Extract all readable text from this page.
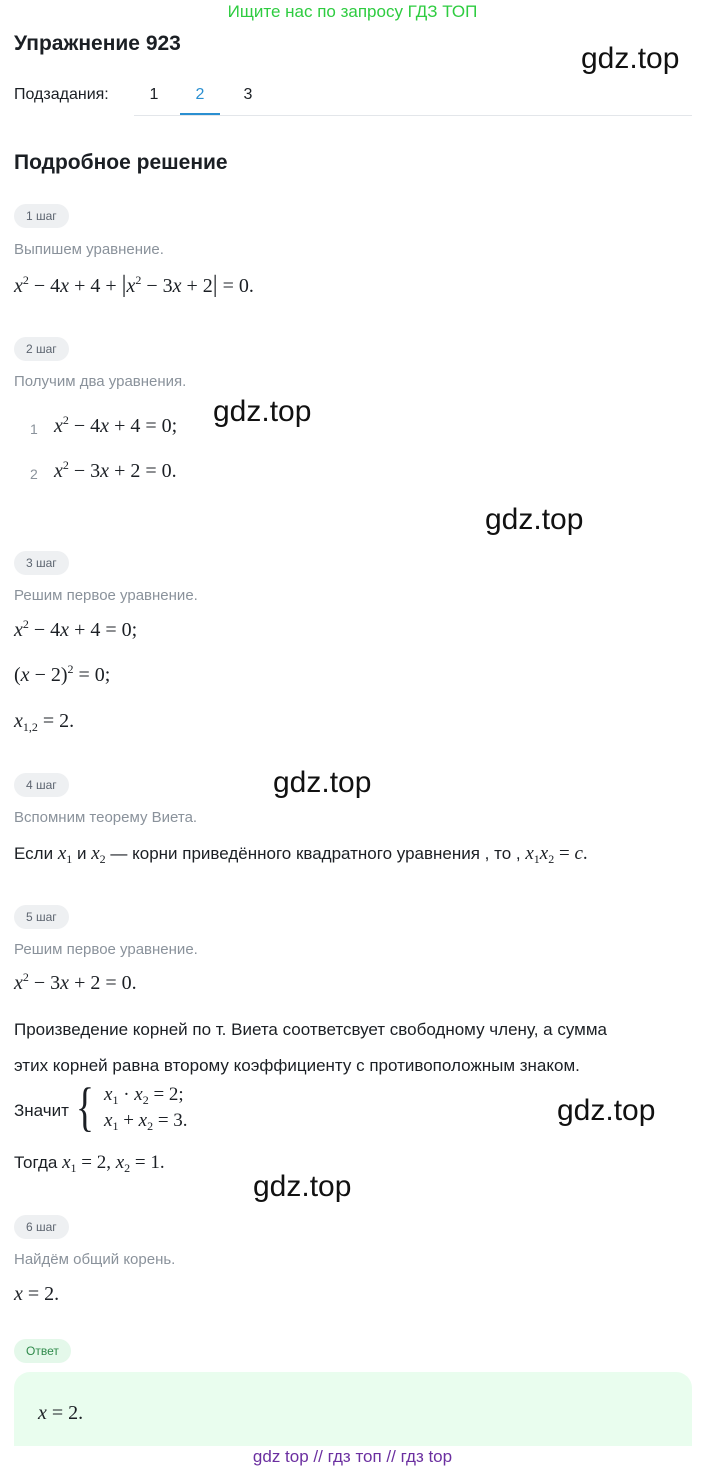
Ищите нас по запросу ГДЗ ТОП
Упражнение 923	gdz.top
Подзадания:	1	2	3
Подробное решение
1 шаг
Выпишем уравнение.
$x^2 - 4x + 4 + |x^2 - 3x + 2| = 0$.
2 шаг
Получим два уравнения.
1 $x^2 - 4x + 4 = 0$; gdz.top
2 $x^2 - 3x + 2 = 0$.
gdz.top
3 шаг
Решим первое уравнение.
$x^2 - 4x + 4 = 0$;
$(x - 2)^2 = 0$;
$x_{1,2} = 2$.
gdz.top
4 шаг
Вспомним теорему Виета.
Если $x_1$ и $x_2$ — корни приведённого квадратного уравнения , то , $x_1x_2 = c$.
5 шаг
Решим первое уравнение.
$x^2 - 3x + 2 = 0$.
Произведение корней по т. Виета соответсвует свободному члену, а сумма
этих корней равна второму коэффициенту с противоположным знаком.
Значит { $x_1 \cdot x_2 = 2$;
$x_1 + x_2 = 3$.	gdz.top
Тогда $x_1 = 2$, $x_2 = 1$.
gdz.top
6 шаг
Найдём общий корень.
x = 2.
Ответ
x = 2.
gdz top // гдз топ // гдз top
